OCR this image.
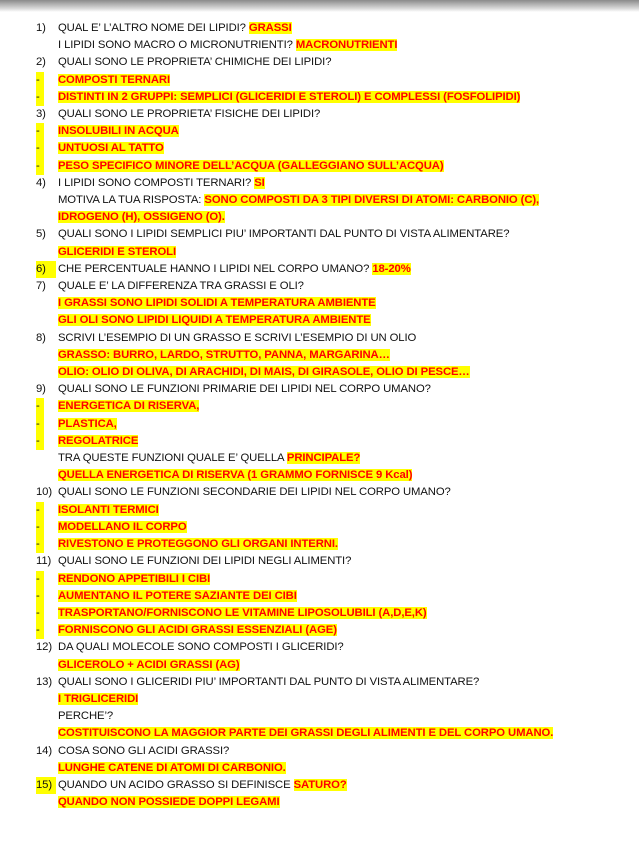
1) QUAL E’ L’ALTRO NOME DEI LIPIDI? GRASSI
I LIPIDI SONO MACRO O MICRONUTRIENTI? MACRONUTRIENTI
2) QUALI SONO LE PROPRIETA’ CHIMICHE DEI LIPIDI?
- COMPOSTI TERNARI
- DISTINTI IN 2 GRUPPI: SEMPLICI (GLICERIDI E STEROLI) E COMPLESSI (FOSFOLIPIDI)
3) QUALI SONO LE PROPRIETA’ FISICHE DEI LIPIDI?
- INSOLUBILI IN ACQUA
- UNTUOSI AL TATTO
- PESO SPECIFICO MINORE DELL’ACQUA (GALLEGGIANO SULL’ACQUA)
4) I LIPIDI SONO COMPOSTI TERNARI? SI
MOTIVA LA TUA RISPOSTA: SONO COMPOSTI DA 3 TIPI DIVERSI DI ATOMI: CARBONIO (C),
IDROGENO (H), OSSIGENO (O).
5) QUALI SONO I LIPIDI SEMPLICI PIU’ IMPORTANTI DAL PUNTO DI VISTA ALIMENTARE?
GLICERIDI E STEROLI
6) CHE PERCENTUALE HANNO I LIPIDI NEL CORPO UMANO? 18-20%
7) QUALE E’ LA DIFFERENZA TRA GRASSI E OLI?
I GRASSI SONO LIPIDI SOLIDI A TEMPERATURA AMBIENTE
GLI OLI SONO LIPIDI LIQUIDI A TEMPERATURA AMBIENTE
8) SCRIVI L’ESEMPIO DI UN GRASSO E SCRIVI L’ESEMPIO DI UN OLIO
GRASSO: BURRO, LARDO, STRUTTO, PANNA, MARGARINA…
OLIO: OLIO DI OLIVA, DI ARACHIDI, DI MAIS, DI GIRASOLE, OLIO DI PESCE…
9) QUALI SONO LE FUNZIONI PRIMARIE DEI LIPIDI NEL CORPO UMANO?
- ENERGETICA DI RISERVA,
- PLASTICA,
- REGOLATRICE
TRA QUESTE FUNZIONI QUALE E’ QUELLA PRINCIPALE?
QUELLA ENERGETICA DI RISERVA (1 GRAMMO FORNISCE 9 Kcal)
10) QUALI SONO LE FUNZIONI SECONDARIE DEI LIPIDI NEL CORPO UMANO?
- ISOLANTI TERMICI
- MODELLANO IL CORPO
- RIVESTONO E PROTEGGONO GLI ORGANI INTERNI.
11) QUALI SONO LE FUNZIONI DEI LIPIDI NEGLI ALIMENTI?
- RENDONO APPETIBILI I CIBI
- AUMENTANO IL POTERE SAZIANTE DEI CIBI
- TRASPORTANO/FORNISCONO LE VITAMINE LIPOSOLUBILI (A,D,E,K)
- FORNISCONO GLI ACIDI GRASSI ESSENZIALI (AGE)
12) DA QUALI MOLECOLE SONO COMPOSTI I GLICERIDI?
GLICEROLO + ACIDI GRASSI (AG)
13) QUALI SONO I GLICERIDI PIU’ IMPORTANTI DAL PUNTO DI VISTA ALIMENTARE?
I TRIGLICERIDI
PERCHE’?
COSTITUISCONO LA MAGGIOR PARTE DEI GRASSI DEGLI ALIMENTI E DEL CORPO UMANO.
14) COSA SONO GLI ACIDI GRASSI?
LUNGHE CATENE DI ATOMI DI CARBONIO.
15) QUANDO UN ACIDO GRASSO SI DEFINISCE SATURO?
QUANDO NON POSSIEDE DOPPI LEGAMI
